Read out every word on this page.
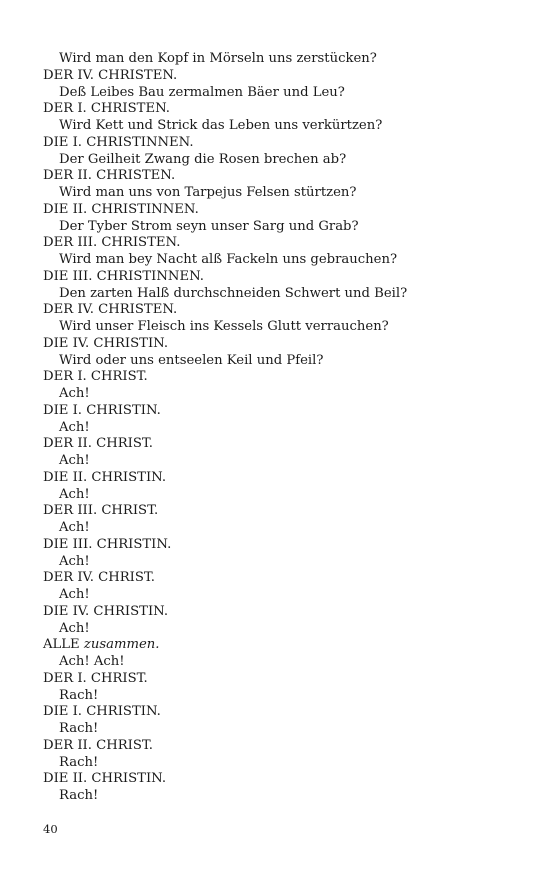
Wird man den Kopf in Mörseln uns zerstücken?
DER IV. CHRISTEN.
Deß Leibes Bau zermalmen Bäer und Leu?
DER I. CHRISTEN.
Wird Kett und Strick das Leben uns verkürtzen?
DIE I. CHRISTINNEN.
Der Geilheit Zwang die Rosen brechen ab?
DER II. CHRISTEN.
Wird man uns von Tarpejus Felsen stürtzen?
DIE II. CHRISTINNEN.
Der Tyber Strom seyn unser Sarg und Grab?
DER III. CHRISTEN.
Wird man bey Nacht alß Fackeln uns gebrauchen?
DIE III. CHRISTINNEN.
Den zarten Halß durchschneiden Schwert und Beil?
DER IV. CHRISTEN.
Wird unser Fleisch ins Kessels Glutt verrauchen?
DIE IV. CHRISTIN.
Wird oder uns entseelen Keil und Pfeil?
DER I. CHRIST.
Ach!
DIE I. CHRISTIN.
Ach!
DER II. CHRIST.
Ach!
DIE II. CHRISTIN.
Ach!
DER III. CHRIST.
Ach!
DIE III. CHRISTIN.
Ach!
DER IV. CHRIST.
Ach!
DIE IV. CHRISTIN.
Ach!
ALLE zusammen.
Ach! Ach!
DER I. CHRIST.
Rach!
DIE I. CHRISTIN.
Rach!
DER II. CHRIST.
Rach!
DIE II. CHRISTIN.
Rach!
40
